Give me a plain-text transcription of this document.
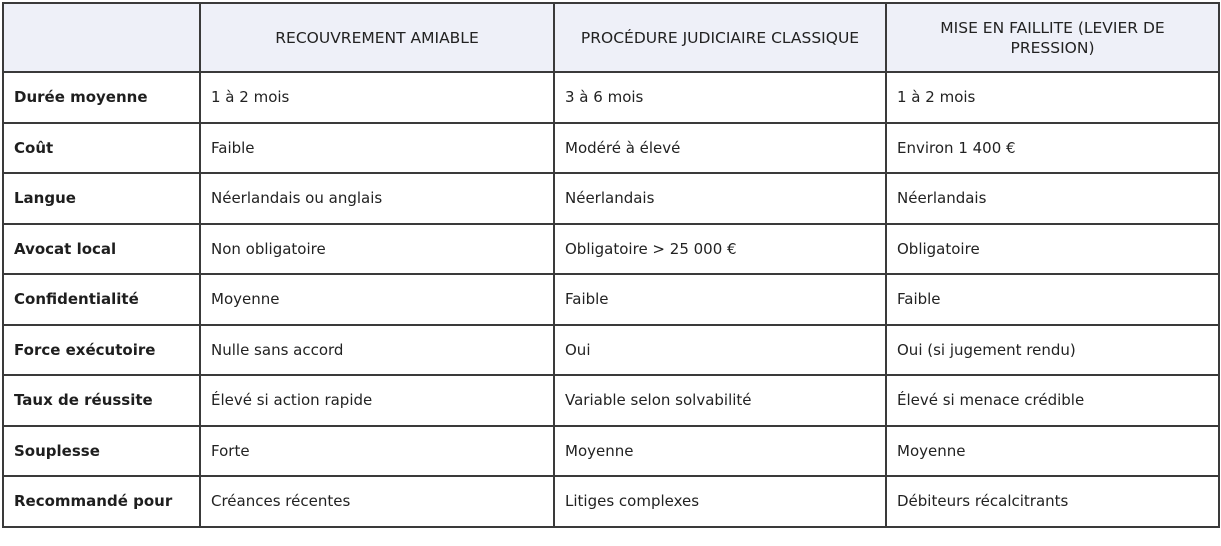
	RECOUVREMENT AMIABLE	PROCÉDURE JUDICIAIRE CLASSIQUE	MISE EN FAILLITE (LEVIER DE PRESSION)
Durée moyenne	1 à 2 mois	3 à 6 mois	1 à 2 mois
Coût	Faible	Modéré à élevé	Environ 1 400 €
Langue	Néerlandais ou anglais	Néerlandais	Néerlandais
Avocat local	Non obligatoire	Obligatoire > 25 000 €	Obligatoire
Confidentialité	Moyenne	Faible	Faible
Force exécutoire	Nulle sans accord	Oui	Oui (si jugement rendu)
Taux de réussite	Élevé si action rapide	Variable selon solvabilité	Élevé si menace crédible
Souplesse	Forte	Moyenne	Moyenne
Recommandé pour	Créances récentes	Litiges complexes	Débiteurs récalcitrants
